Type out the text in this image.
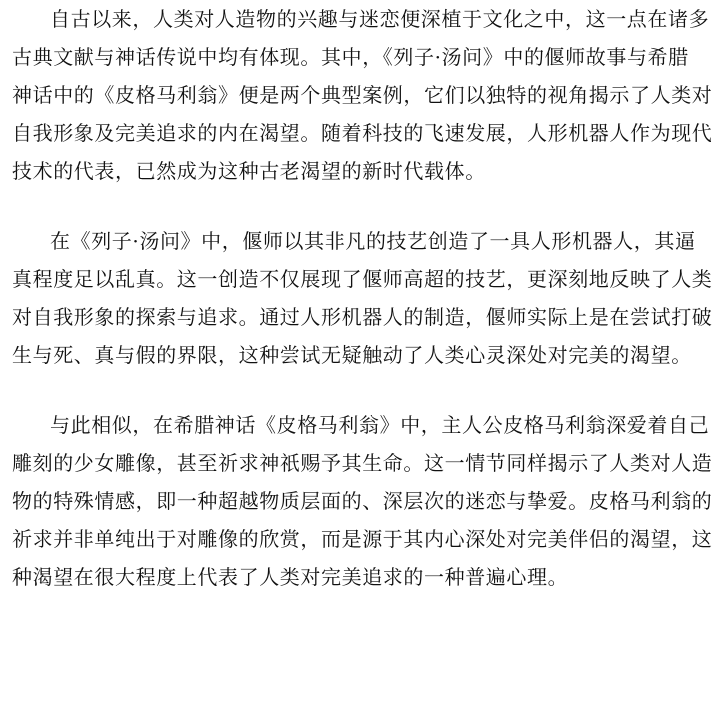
自古以来，人类对人造物的兴趣与迷恋便深植于文化之中，这一点在诸多
古典文献与神话传说中均有体现。其中，《列子·汤问》中的偃师故事与希腊
神话中的《皮格马利翁》便是两个典型案例，它们以独特的视角揭示了人类对
自我形象及完美追求的内在渴望。随着科技的飞速发展，人形机器人作为现代
技术的代表，已然成为这种古老渴望的新时代载体。
在《列子·汤问》中，偃师以其非凡的技艺创造了一具人形机器人，其逼
真程度足以乱真。这一创造不仅展现了偃师高超的技艺，更深刻地反映了人类
对自我形象的探索与追求。通过人形机器人的制造，偃师实际上是在尝试打破
生与死、真与假的界限，这种尝试无疑触动了人类心灵深处对完美的渴望。
与此相似，在希腊神话《皮格马利翁》中，主人公皮格马利翁深爱着自己
雕刻的少女雕像，甚至祈求神祇赐予其生命。这一情节同样揭示了人类对人造
物的特殊情感，即一种超越物质层面的、深层次的迷恋与挚爱。皮格马利翁的
祈求并非单纯出于对雕像的欣赏，而是源于其内心深处对完美伴侣的渴望，这
种渴望在很大程度上代表了人类对完美追求的一种普遍心理。
